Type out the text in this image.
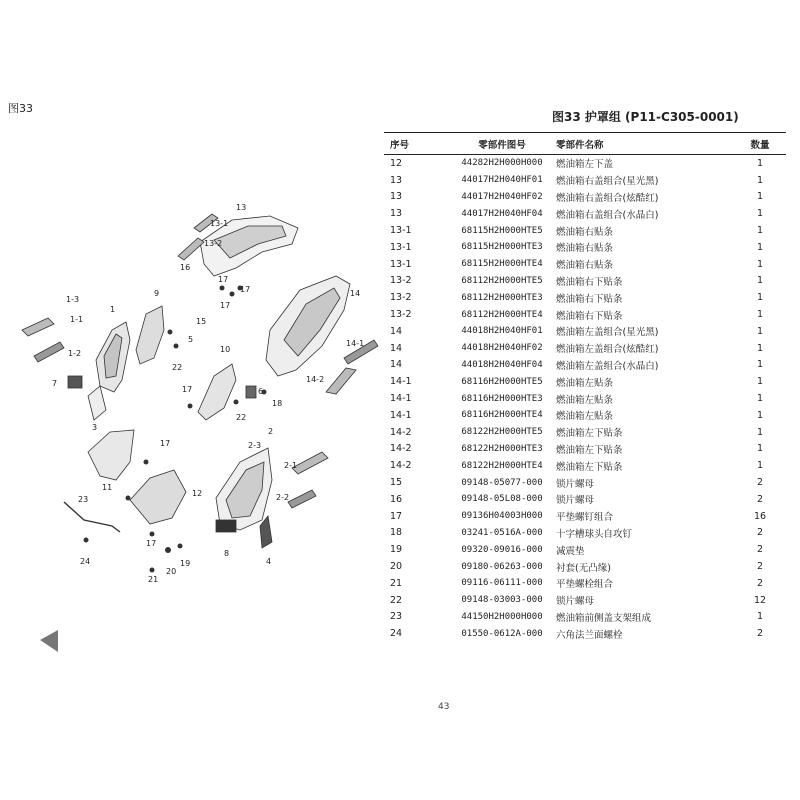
图33
图33 护罩组 (P11-C305-0001)
13
13-1
13-2
16
17
17
17
14
14-1
14-2
1-3
1
1-1
1-2
9
15
5
22
7
3
10
6
22
18
17
17
2
2-3
2-1
2-2
11
12
23
17
21
20
19
8
4
24
序号	零部件图号	零部件名称	数量
12	44282H2H000H000	燃油箱左下盖	1
13	44017H2H040HF01	燃油箱右盖组合(星光黑)	1
13	44017H2H040HF02	燃油箱右盖组合(炫酷红)	1
13	44017H2H040HF04	燃油箱右盖组合(水晶白)	1
13-1	68115H2H000HTE5	燃油箱右贴条	1
13-1	68115H2H000HTE3	燃油箱右贴条	1
13-1	68115H2H000HTE4	燃油箱右贴条	1
13-2	68112H2H000HTE5	燃油箱右下贴条	1
13-2	68112H2H000HTE3	燃油箱右下贴条	1
13-2	68112H2H000HTE4	燃油箱右下贴条	1
14	44018H2H040HF01	燃油箱左盖组合(星光黑)	1
14	44018H2H040HF02	燃油箱左盖组合(炫酷红)	1
14	44018H2H040HF04	燃油箱左盖组合(水晶白)	1
14-1	68116H2H000HTE5	燃油箱左贴条	1
14-1	68116H2H000HTE3	燃油箱左贴条	1
14-1	68116H2H000HTE4	燃油箱左贴条	1
14-2	68122H2H000HTE5	燃油箱左下贴条	1
14-2	68122H2H000HTE3	燃油箱左下贴条	1
14-2	68122H2H000HTE4	燃油箱左下贴条	1
15	09148-05077-000	锁片螺母	2
16	09148-05L08-000	锁片螺母	2
17	09136H04003H000	平垫螺钉组合	16
18	03241-0516A-000	十字槽球头自攻钉	2
19	09320-09016-000	减震垫	2
20	09180-06263-000	衬套(无凸缘)	2
21	09116-06111-000	平垫螺栓组合	2
22	09148-03003-000	锁片螺母	12
23	44150H2H000H000	燃油箱前侧盖支架组成	1
24	01550-0612A-000	六角法兰面螺栓	2
43
